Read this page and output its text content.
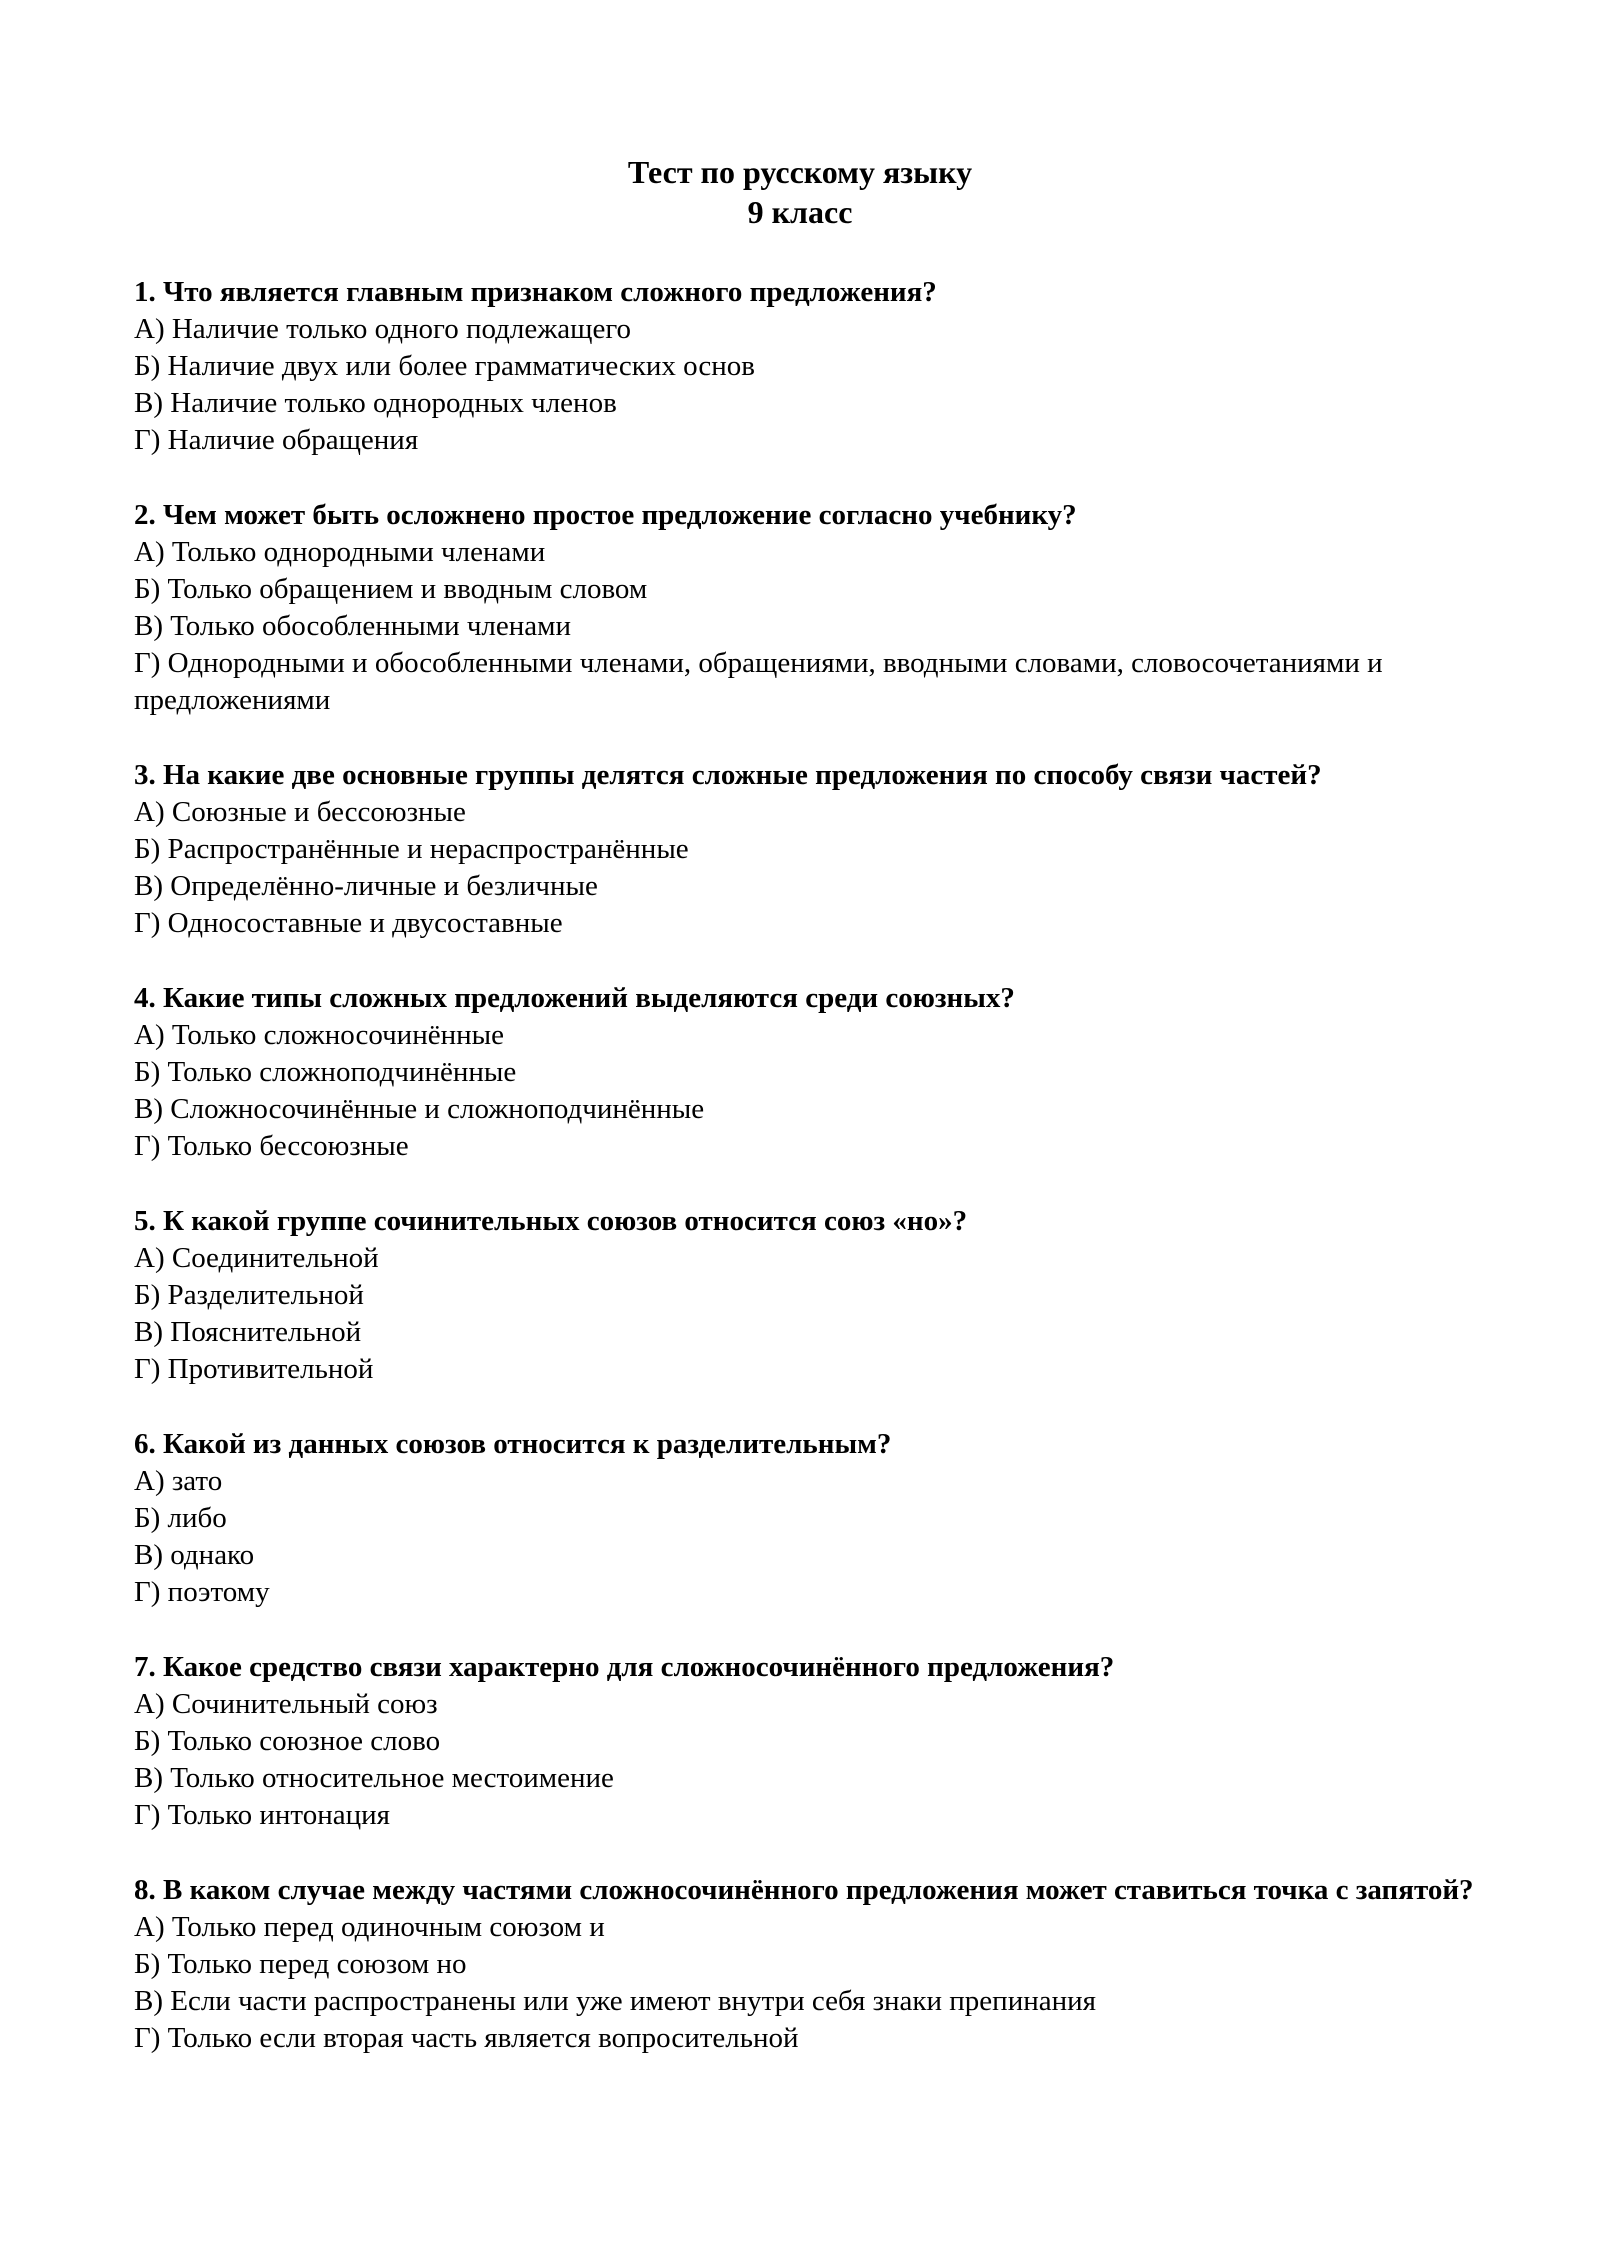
Тест по русскому языку

9 класс

1. Что является главным признаком сложного предложения?

А) Наличие только одного подлежащего

Б) Наличие двух или более грамматических основ

В) Наличие только однородных членов

Г) Наличие обращения

2. Чем может быть осложнено простое предложение согласно учебнику?

А) Только однородными членами

Б) Только обращением и вводным словом

В) Только обособленными членами

Г) Однородными и обособленными членами, обращениями, вводными словами, словосочетаниями и предложениями

3. На какие две основные группы делятся сложные предложения по способу связи частей?

А) Союзные и бессоюзные

Б) Распространённые и нераспространённые

В) Определённо-личные и безличные

Г) Односоставные и двусоставные

4. Какие типы сложных предложений выделяются среди союзных?

А) Только сложносочинённые

Б) Только сложноподчинённые

В) Сложносочинённые и сложноподчинённые

Г) Только бессоюзные

5. К какой группе сочинительных союзов относится союз «но»?

А) Соединительной

Б) Разделительной

В) Пояснительной

Г) Противительной

6. Какой из данных союзов относится к разделительным?

А) зато

Б) либо

В) однако

Г) поэтому

7. Какое средство связи характерно для сложносочинённого предложения?

А) Сочинительный союз

Б) Только союзное слово

В) Только относительное местоимение

Г) Только интонация

8. В каком случае между частями сложносочинённого предложения может ставиться точка с запятой?

А) Только перед одиночным союзом и

Б) Только перед союзом но

В) Если части распространены или уже имеют внутри себя знаки препинания

Г) Только если вторая часть является вопросительной
